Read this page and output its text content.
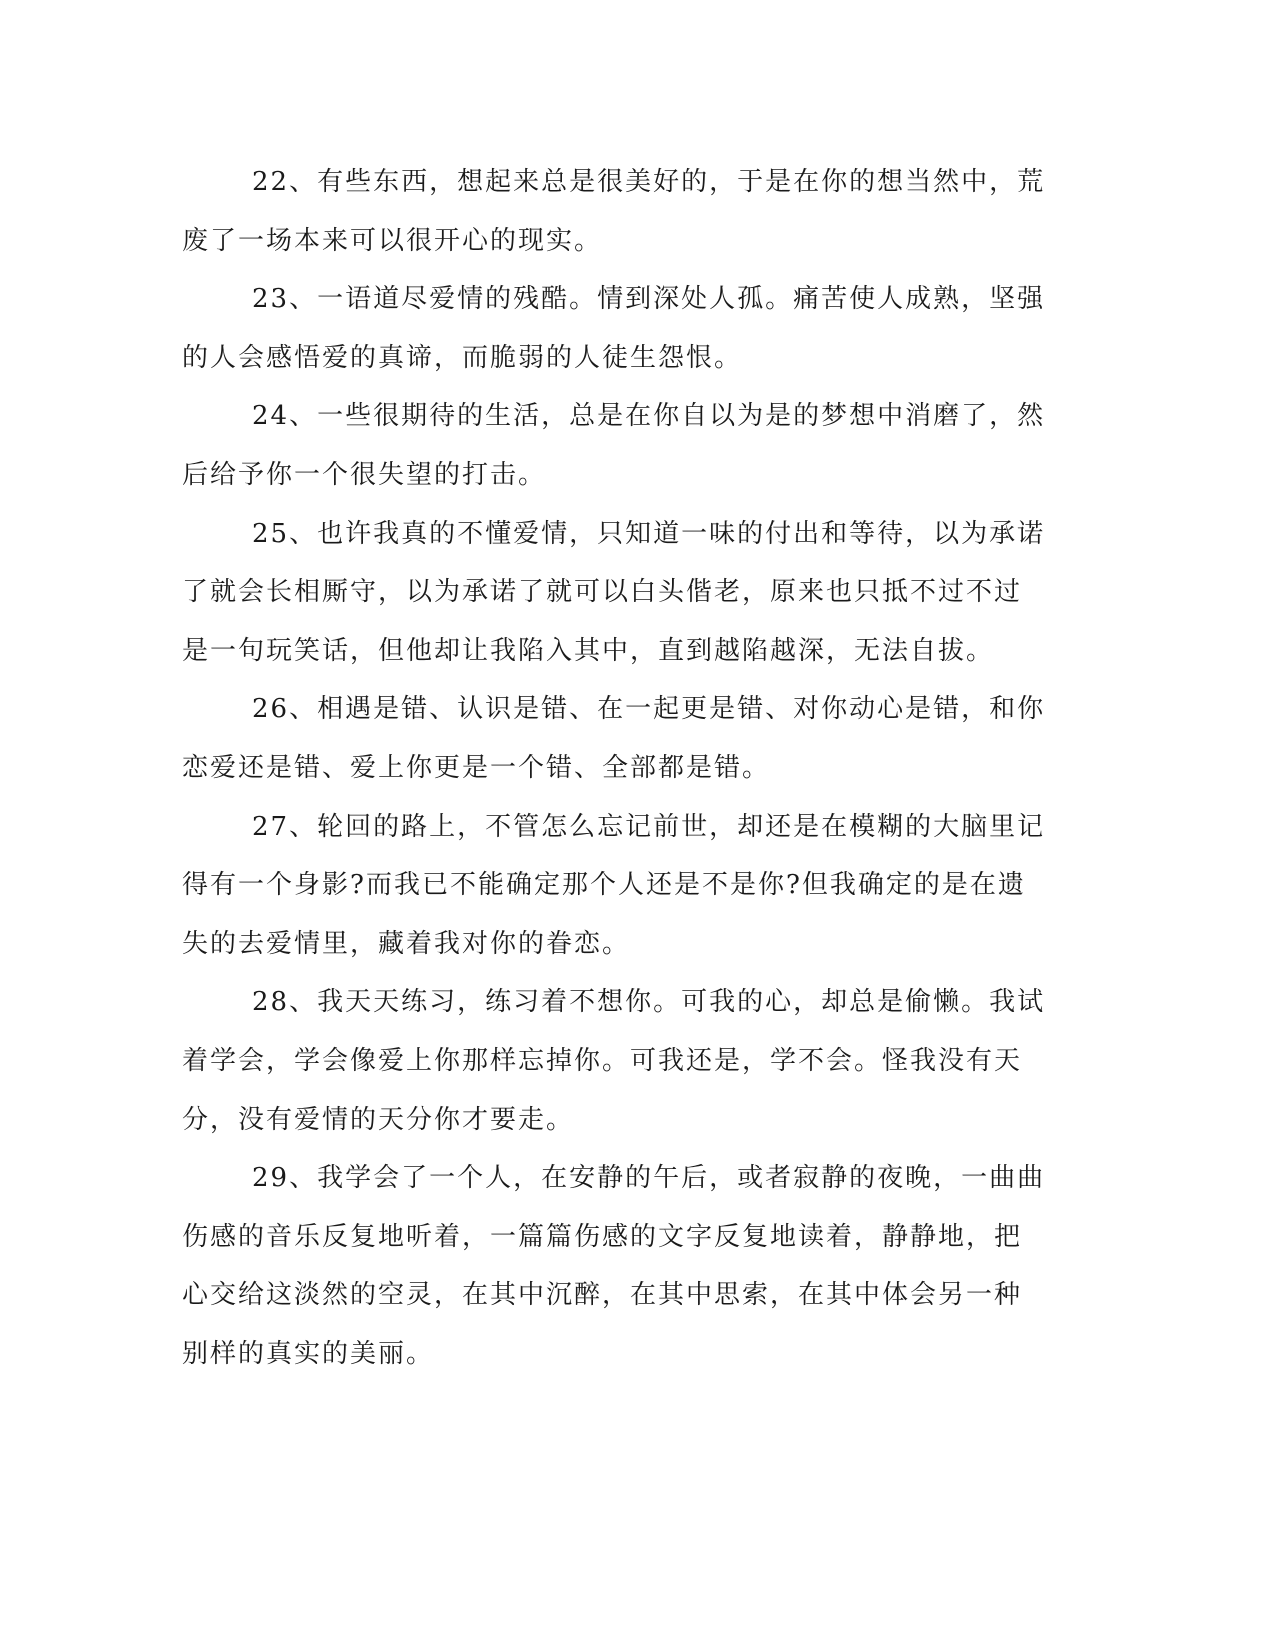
22、有些东西，想起来总是很美好的，于是在你的想当然中，荒
废了一场本来可以很开心的现实。

23、一语道尽爱情的残酷。情到深处人孤。痛苦使人成熟，坚强
的人会感悟爱的真谛，而脆弱的人徒生怨恨。

24、一些很期待的生活，总是在你自以为是的梦想中消磨了，然
后给予你一个很失望的打击。

25、也许我真的不懂爱情，只知道一味的付出和等待，以为承诺
了就会长相厮守，以为承诺了就可以白头偕老，原来也只抵不过不过
是一句玩笑话，但他却让我陷入其中，直到越陷越深，无法自拔。

26、相遇是错、认识是错、在一起更是错、对你动心是错，和你
恋爱还是错、爱上你更是一个错、全部都是错。

27、轮回的路上，不管怎么忘记前世，却还是在模糊的大脑里记
得有一个身影?而我已不能确定那个人还是不是你?但我确定的是在遗
失的去爱情里，藏着我对你的眷恋。

28、我天天练习，练习着不想你。可我的心，却总是偷懒。我试
着学会，学会像爱上你那样忘掉你。可我还是，学不会。怪我没有天
分，没有爱情的天分你才要走。

29、我学会了一个人，在安静的午后，或者寂静的夜晚，一曲曲
伤感的音乐反复地听着，一篇篇伤感的文字反复地读着，静静地，把
心交给这淡然的空灵，在其中沉醉，在其中思索，在其中体会另一种
别样的真实的美丽。
